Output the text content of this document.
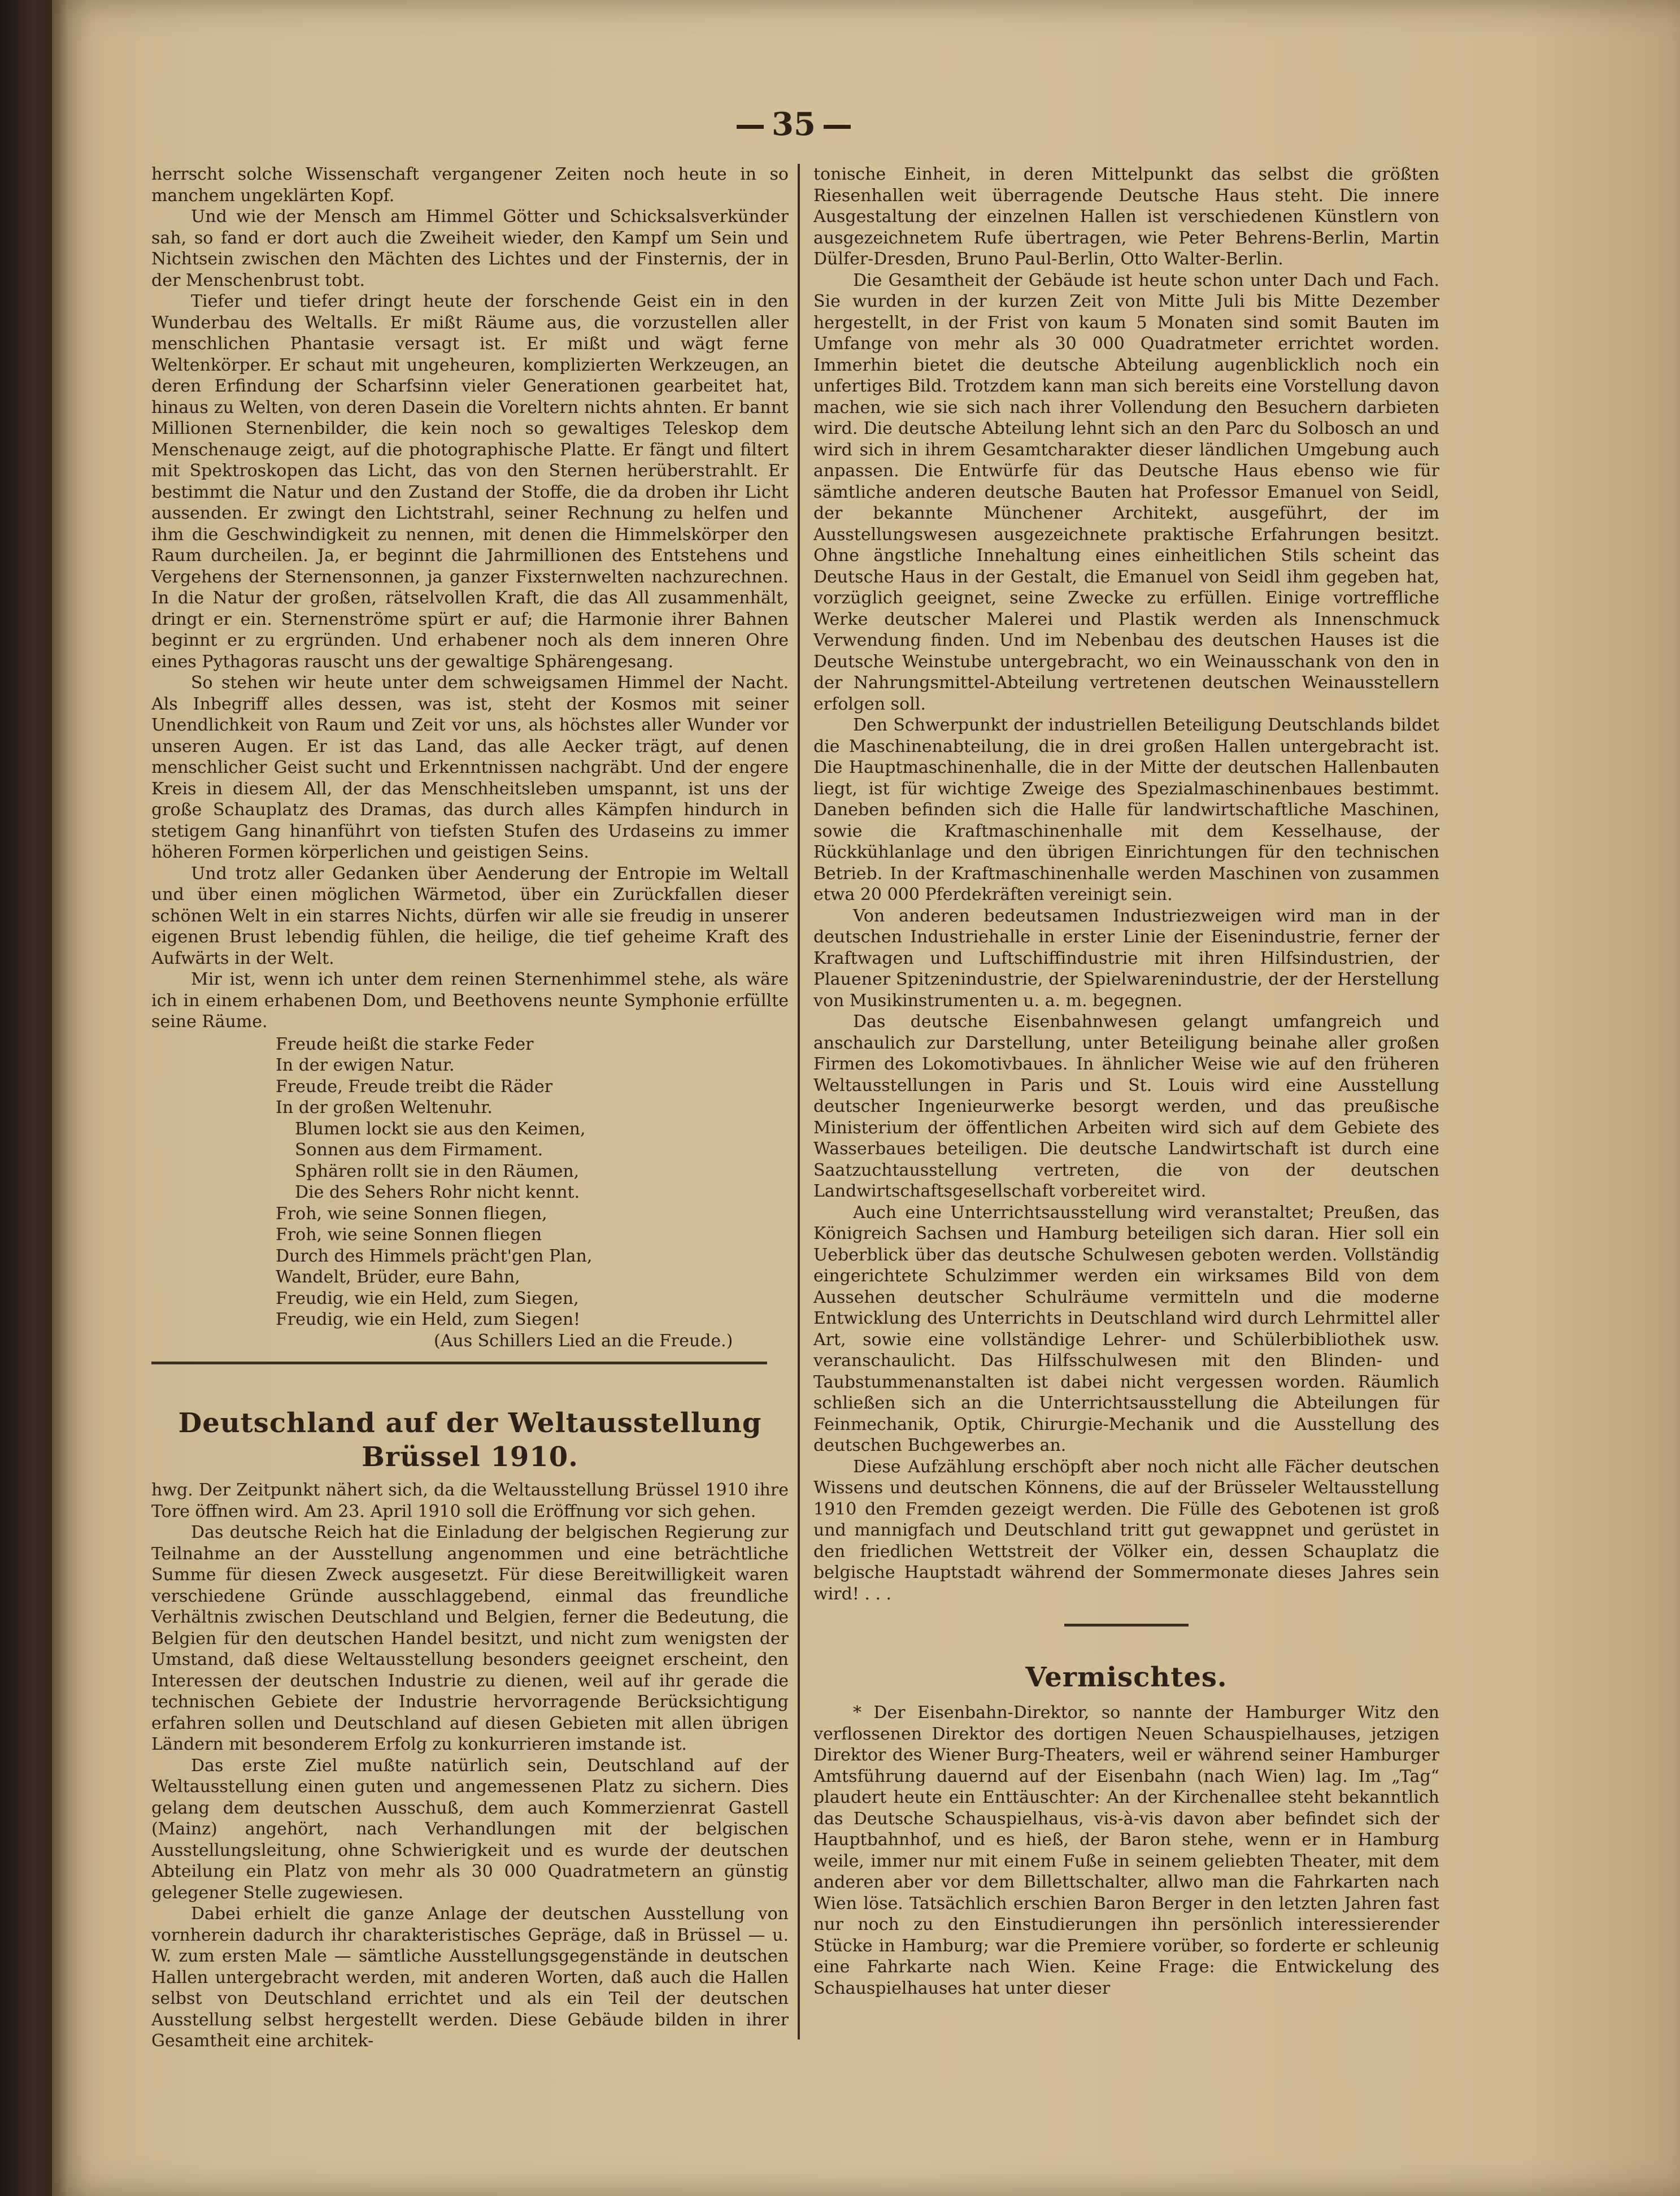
35

herrscht solche Wissenschaft vergangener Zeiten noch heute in so manchem ungeklärten Kopf.

Und wie der Mensch am Himmel Götter und Schicksalsverkünder sah, so fand er dort auch die Zweiheit wieder, den Kampf um Sein und Nichtsein zwischen den Mächten des Lichtes und der Finsternis, der in der Menschenbrust tobt.

Tiefer und tiefer dringt heute der forschende Geist ein in den Wunderbau des Weltalls. Er mißt Räume aus, die vorzustellen aller menschlichen Phantasie versagt ist. Er mißt und wägt ferne Weltenkörper. Er schaut mit ungeheuren, komplizierten Werkzeugen, an deren Erfindung der Scharfsinn vieler Generationen gearbeitet hat, hinaus zu Welten, von deren Dasein die Voreltern nichts ahnten. Er bannt Millionen Sternenbilder, die kein noch so gewaltiges Teleskop dem Menschenauge zeigt, auf die photographische Platte. Er fängt und filtert mit Spektroskopen das Licht, das von den Sternen herüberstrahlt. Er bestimmt die Natur und den Zustand der Stoffe, die da droben ihr Licht aussenden. Er zwingt den Lichtstrahl, seiner Rechnung zu helfen und ihm die Geschwindigkeit zu nennen, mit denen die Himmelskörper den Raum durcheilen. Ja, er beginnt die Jahrmillionen des Entstehens und Vergehens der Sternensonnen, ja ganzer Fixsternwelten nachzurechnen. In die Natur der großen, rätselvollen Kraft, die das All zusammenhält, dringt er ein. Sternenströme spürt er auf; die Harmonie ihrer Bahnen beginnt er zu ergründen. Und erhabener noch als dem inneren Ohre eines Pythagoras rauscht uns der gewaltige Sphärengesang.

So stehen wir heute unter dem schweigsamen Himmel der Nacht. Als Inbegriff alles dessen, was ist, steht der Kosmos mit seiner Unendlichkeit von Raum und Zeit vor uns, als höchstes aller Wunder vor unseren Augen. Er ist das Land, das alle Aecker trägt, auf denen menschlicher Geist sucht und Erkenntnissen nachgräbt. Und der engere Kreis in diesem All, der das Menschheitsleben umspannt, ist uns der große Schauplatz des Dramas, das durch alles Kämpfen hindurch in stetigem Gang hinanführt von tiefsten Stufen des Urdaseins zu immer höheren Formen körperlichen und geistigen Seins.

Und trotz aller Gedanken über Aenderung der Entropie im Weltall und über einen möglichen Wärmetod, über ein Zurückfallen dieser schönen Welt in ein starres Nichts, dürfen wir alle sie freudig in unserer eigenen Brust lebendig fühlen, die heilige, die tief geheime Kraft des Aufwärts in der Welt.

Mir ist, wenn ich unter dem reinen Sternenhimmel stehe, als wäre ich in einem erhabenen Dom, und Beethovens neunte Symphonie erfüllte seine Räume.

Freude heißt die starke Feder
In der ewigen Natur.
Freude, Freude treibt die Räder
In der großen Weltenuhr.
Blumen lockt sie aus den Keimen,
Sonnen aus dem Firmament.
Sphären rollt sie in den Räumen,
Die des Sehers Rohr nicht kennt.
Froh, wie seine Sonnen fliegen,
Froh, wie seine Sonnen fliegen
Durch des Himmels prächt'gen Plan,
Wandelt, Brüder, eure Bahn,
Freudig, wie ein Held, zum Siegen,
Freudig, wie ein Held, zum Siegen!
(Aus Schillers Lied an die Freude.)
Deutschland auf der Weltausstellung Brüssel 1910.

hwg. Der Zeitpunkt nähert sich, da die Weltausstellung Brüssel 1910 ihre Tore öffnen wird. Am 23. April 1910 soll die Eröffnung vor sich gehen.

Das deutsche Reich hat die Einladung der belgischen Regierung zur Teilnahme an der Ausstellung angenommen und eine beträchtliche Summe für diesen Zweck ausgesetzt. Für diese Bereitwilligkeit waren verschiedene Gründe ausschlaggebend, einmal das freundliche Verhältnis zwischen Deutschland und Belgien, ferner die Bedeutung, die Belgien für den deutschen Handel besitzt, und nicht zum wenigsten der Umstand, daß diese Weltausstellung besonders geeignet erscheint, den Interessen der deutschen Industrie zu dienen, weil auf ihr gerade die technischen Gebiete der Industrie hervorragende Berücksichtigung erfahren sollen und Deutschland auf diesen Gebieten mit allen übrigen Ländern mit besonderem Erfolg zu konkurrieren imstande ist.

Das erste Ziel mußte natürlich sein, Deutschland auf der Weltausstellung einen guten und angemessenen Platz zu sichern. Dies gelang dem deutschen Ausschuß, dem auch Kommerzienrat Gastell (Mainz) angehört, nach Verhandlungen mit der belgischen Ausstellungsleitung, ohne Schwierigkeit und es wurde der deutschen Abteilung ein Platz von mehr als 30 000 Quadratmetern an günstig gelegener Stelle zugewiesen.

Dabei erhielt die ganze Anlage der deutschen Ausstellung von vornherein dadurch ihr charakteristisches Gepräge, daß in Brüssel — u. W. zum ersten Male — sämtliche Ausstellungsgegenstände in deutschen Hallen untergebracht werden, mit anderen Worten, daß auch die Hallen selbst von Deutschland errichtet und als ein Teil der deutschen Ausstellung selbst hergestellt werden. Diese Gebäude bilden in ihrer Gesamtheit eine architek-

tonische Einheit, in deren Mittelpunkt das selbst die größten Riesenhallen weit überragende Deutsche Haus steht. Die innere Ausgestaltung der einzelnen Hallen ist verschiedenen Künstlern von ausgezeichnetem Rufe übertragen, wie Peter Behrens-Berlin, Martin Dülfer-Dresden, Bruno Paul-Berlin, Otto Walter-Berlin.

Die Gesamtheit der Gebäude ist heute schon unter Dach und Fach. Sie wurden in der kurzen Zeit von Mitte Juli bis Mitte Dezember hergestellt, in der Frist von kaum 5 Monaten sind somit Bauten im Umfange von mehr als 30 000 Quadratmeter errichtet worden. Immerhin bietet die deutsche Abteilung augenblicklich noch ein unfertiges Bild. Trotzdem kann man sich bereits eine Vorstellung davon machen, wie sie sich nach ihrer Vollendung den Besuchern darbieten wird. Die deutsche Abteilung lehnt sich an den Parc du Solbosch an und wird sich in ihrem Gesamtcharakter dieser ländlichen Umgebung auch anpassen. Die Entwürfe für das Deutsche Haus ebenso wie für sämtliche anderen deutsche Bauten hat Professor Emanuel von Seidl, der bekannte Münchener Architekt, ausgeführt, der im Ausstellungswesen ausgezeichnete praktische Erfahrungen besitzt. Ohne ängstliche Innehaltung eines einheitlichen Stils scheint das Deutsche Haus in der Gestalt, die Emanuel von Seidl ihm gegeben hat, vorzüglich geeignet, seine Zwecke zu erfüllen. Einige vortreffliche Werke deutscher Malerei und Plastik werden als Innenschmuck Verwendung finden. Und im Nebenbau des deutschen Hauses ist die Deutsche Weinstube untergebracht, wo ein Weinausschank von den in der Nahrungsmittel-Abteilung vertretenen deutschen Weinausstellern erfolgen soll.

Den Schwerpunkt der industriellen Beteiligung Deutschlands bildet die Maschinenabteilung, die in drei großen Hallen untergebracht ist. Die Hauptmaschinenhalle, die in der Mitte der deutschen Hallenbauten liegt, ist für wichtige Zweige des Spezialmaschinenbaues bestimmt. Daneben befinden sich die Halle für landwirtschaftliche Maschinen, sowie die Kraftmaschinenhalle mit dem Kesselhause, der Rückkühlanlage und den übrigen Einrichtungen für den technischen Betrieb. In der Kraftmaschinenhalle werden Maschinen von zusammen etwa 20 000 Pferdekräften vereinigt sein.

Von anderen bedeutsamen Industriezweigen wird man in der deutschen Industriehalle in erster Linie der Eisenindustrie, ferner der Kraftwagen und Luftschiffindustrie mit ihren Hilfsindustrien, der Plauener Spitzenindustrie, der Spielwarenindustrie, der der Herstellung von Musikinstrumenten u. a. m. begegnen.

Das deutsche Eisenbahnwesen gelangt umfangreich und anschaulich zur Darstellung, unter Beteiligung beinahe aller großen Firmen des Lokomotivbaues. In ähnlicher Weise wie auf den früheren Weltausstellungen in Paris und St. Louis wird eine Ausstellung deutscher Ingenieurwerke besorgt werden, und das preußische Ministerium der öffentlichen Arbeiten wird sich auf dem Gebiete des Wasserbaues beteiligen. Die deutsche Landwirtschaft ist durch eine Saatzuchtausstellung vertreten, die von der deutschen Landwirtschaftsgesellschaft vorbereitet wird.

Auch eine Unterrichtsausstellung wird veranstaltet; Preußen, das Königreich Sachsen und Hamburg beteiligen sich daran. Hier soll ein Ueberblick über das deutsche Schulwesen geboten werden. Vollständig eingerichtete Schulzimmer werden ein wirksames Bild von dem Aussehen deutscher Schulräume vermitteln und die moderne Entwicklung des Unterrichts in Deutschland wird durch Lehrmittel aller Art, sowie eine vollständige Lehrer- und Schülerbibliothek usw. veranschaulicht. Das Hilfsschulwesen mit den Blinden- und Taubstummenanstalten ist dabei nicht vergessen worden. Räumlich schließen sich an die Unterrichtsausstellung die Abteilungen für Feinmechanik, Optik, Chirurgie-Mechanik und die Ausstellung des deutschen Buchgewerbes an.

Diese Aufzählung erschöpft aber noch nicht alle Fächer deutschen Wissens und deutschen Könnens, die auf der Brüsseler Weltausstellung 1910 den Fremden gezeigt werden. Die Fülle des Gebotenen ist groß und mannigfach und Deutschland tritt gut gewappnet und gerüstet in den friedlichen Wettstreit der Völker ein, dessen Schauplatz die belgische Hauptstadt während der Sommermonate dieses Jahres sein wird! . . .

Vermischtes.

* Der Eisenbahn-Direktor, so nannte der Hamburger Witz den verflossenen Direktor des dortigen Neuen Schauspielhauses, jetzigen Direktor des Wiener Burg-Theaters, weil er während seiner Hamburger Amtsführung dauernd auf der Eisenbahn (nach Wien) lag. Im „Tag“ plaudert heute ein Enttäuschter: An der Kirchenallee steht bekanntlich das Deutsche Schauspielhaus, vis-à-vis davon aber befindet sich der Hauptbahnhof, und es hieß, der Baron stehe, wenn er in Hamburg weile, immer nur mit einem Fuße in seinem geliebten Theater, mit dem anderen aber vor dem Billettschalter, allwo man die Fahrkarten nach Wien löse. Tatsächlich erschien Baron Berger in den letzten Jahren fast nur noch zu den Einstudierungen ihn persönlich interessierender Stücke in Hamburg; war die Premiere vorüber, so forderte er schleunig eine Fahrkarte nach Wien. Keine Frage: die Entwickelung des Schauspielhauses hat unter dieser
